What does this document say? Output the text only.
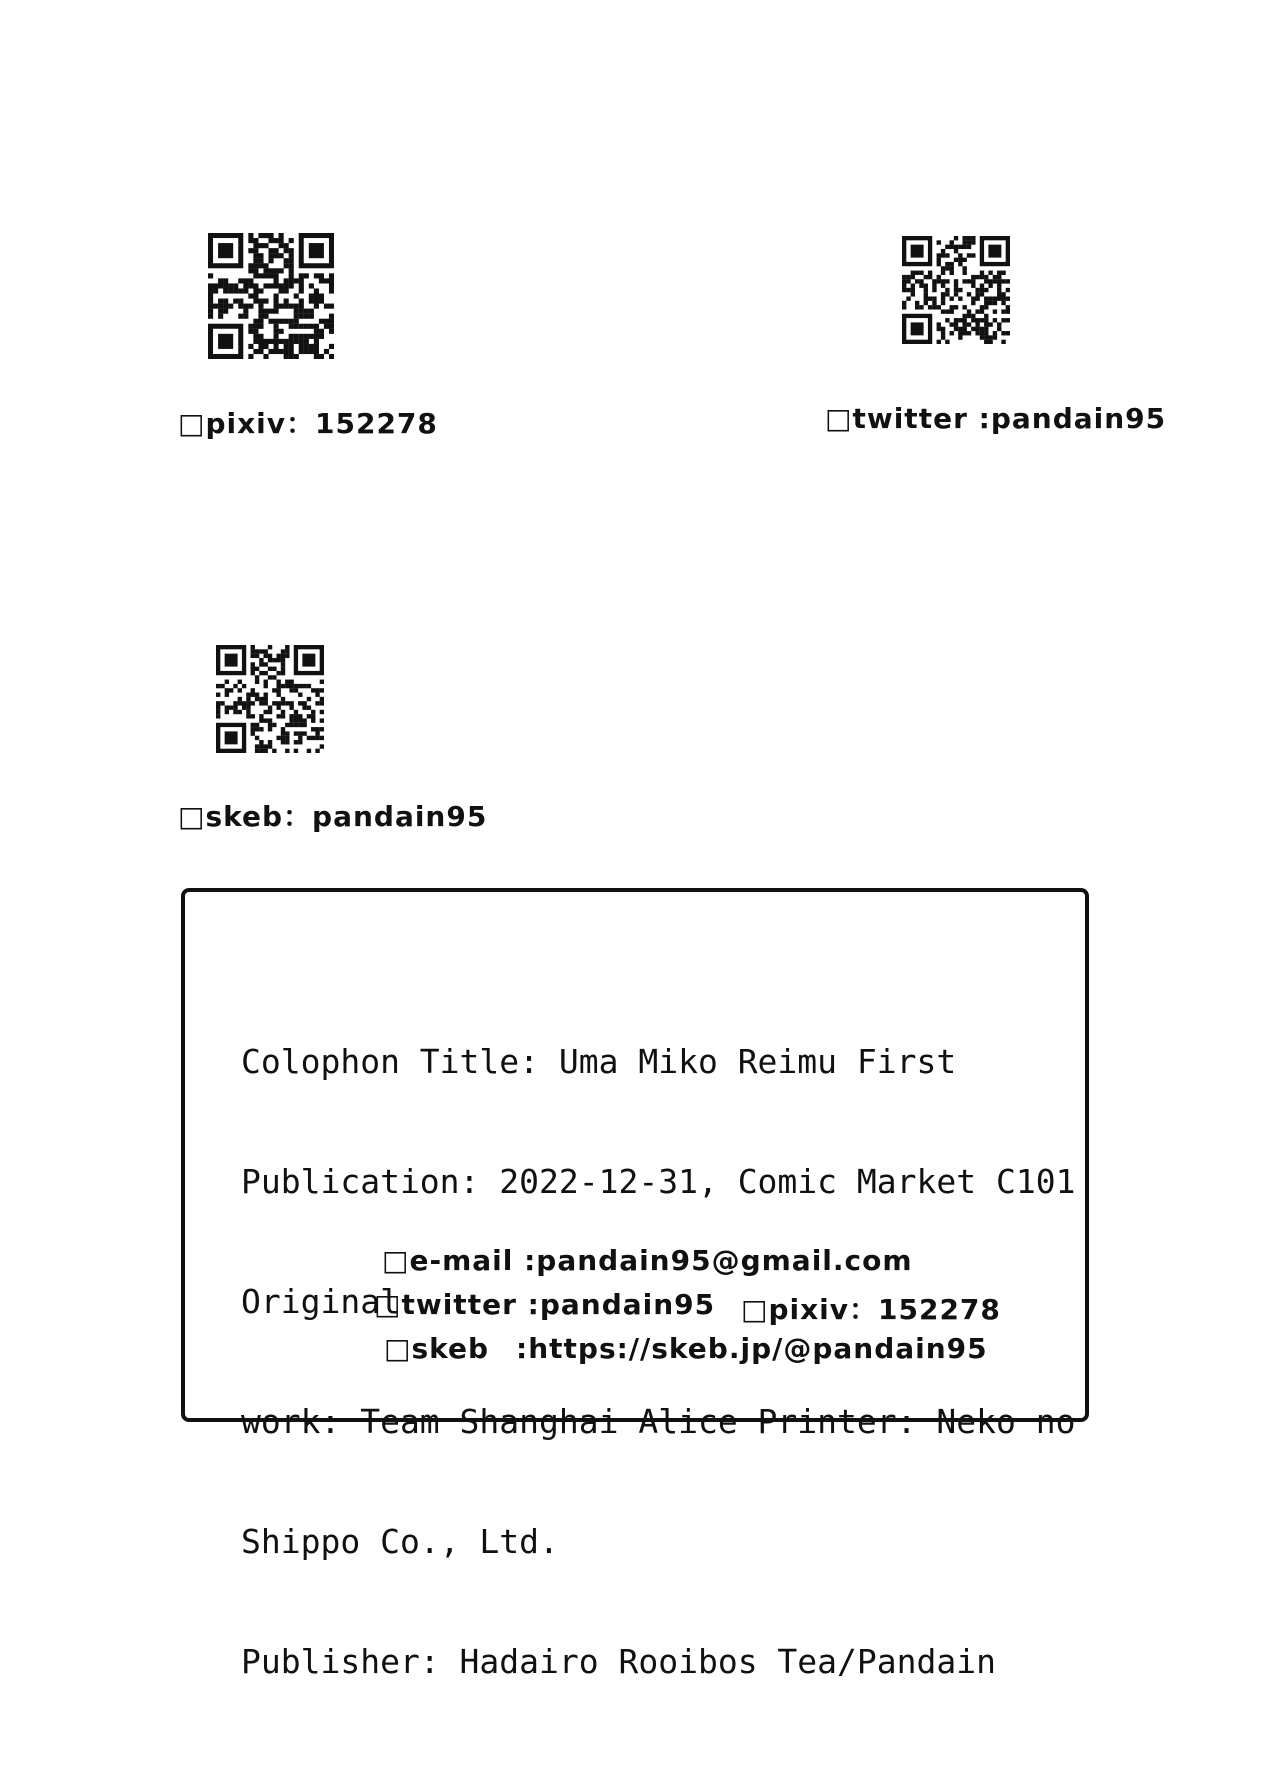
□pixiv：152278	□twitter :pandain95
□skeb：pandain95

Colophon Title: Uma Miko Reimu First

Publication: 2022-12-31, Comic Market C101

Original

work: Team Shanghai Alice Printer: Neko no

Shippo Co., Ltd.

Publisher: Hadairo Rooibos Tea/Pandain

□e-mail :pandain95@gmail.com
□twitter :pandain95 □pixiv：152278
□skeb :https://skeb.jp/@pandain95
